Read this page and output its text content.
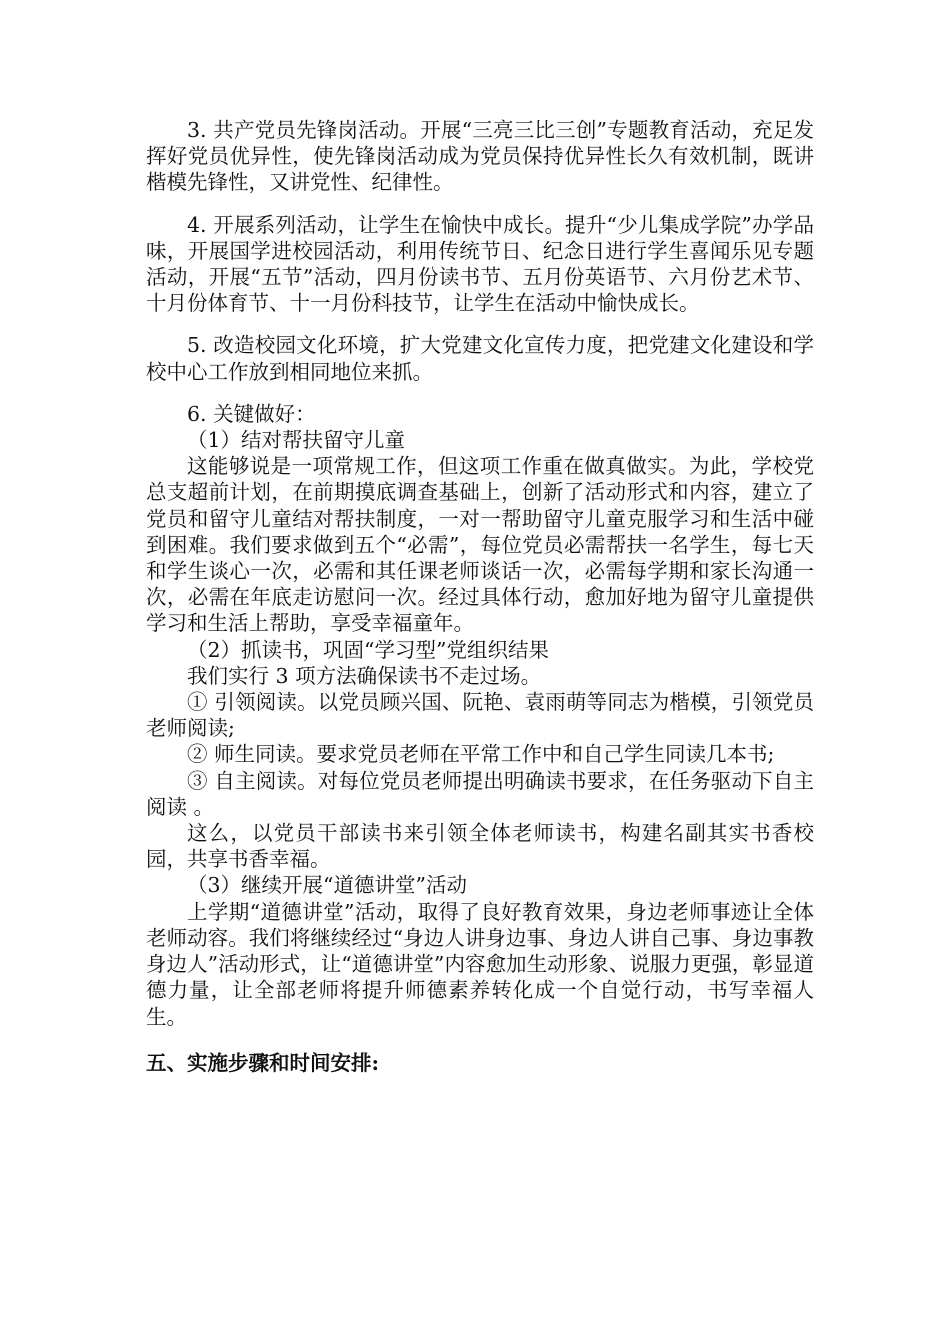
3. 共产党员先锋岗活动。开展“三亮三比三创”专题教育活动，充足发挥好党员优异性，使先锋岗活动成为党员保持优异性长久有效机制，既讲楷模先锋性，又讲党性、纪律性。

4. 开展系列活动，让学生在愉快中成长。提升“少儿集成学院”办学品味，开展国学进校园活动，利用传统节日、纪念日进行学生喜闻乐见专题活动，开展“五节”活动，四月份读书节、五月份英语节、六月份艺术节、十月份体育节、十一月份科技节，让学生在活动中愉快成长。

5. 改造校园文化环境，扩大党建文化宣传力度，把党建文化建设和学校中心工作放到相同地位来抓。

6. 关键做好：

（1）结对帮扶留守儿童

这能够说是一项常规工作，但这项工作重在做真做实。为此，学校党总支超前计划，在前期摸底调查基础上，创新了活动形式和内容，建立了党员和留守儿童结对帮扶制度，一对一帮助留守儿童克服学习和生活中碰到困难。我们要求做到五个“必需”，每位党员必需帮扶一名学生，每七天和学生谈心一次，必需和其任课老师谈话一次，必需每学期和家长沟通一次，必需在年底走访慰问一次。经过具体行动，愈加好地为留守儿童提供学习和生活上帮助，享受幸福童年。

（2）抓读书，巩固“学习型”党组织结果

我们实行 3 项方法确保读书不走过场。

① 引领阅读。以党员顾兴国、阮艳、袁雨萌等同志为楷模，引领党员老师阅读;

② 师生同读。要求党员老师在平常工作中和自己学生同读几本书;

③ 自主阅读。对每位党员老师提出明确读书要求，在任务驱动下自主阅读 。

这么，以党员干部读书来引领全体老师读书，构建名副其实书香校园，共享书香幸福。

（3）继续开展“道德讲堂”活动

上学期“道德讲堂”活动，取得了良好教育效果，身边老师事迹让全体老师动容。我们将继续经过“身边人讲身边事、身边人讲自己事、身边事教身边人”活动形式，让“道德讲堂”内容愈加生动形象、说服力更强，彰显道德力量，让全部老师将提升师德素养转化成一个自觉行动，书写幸福人生。

五、实施步骤和时间安排:
